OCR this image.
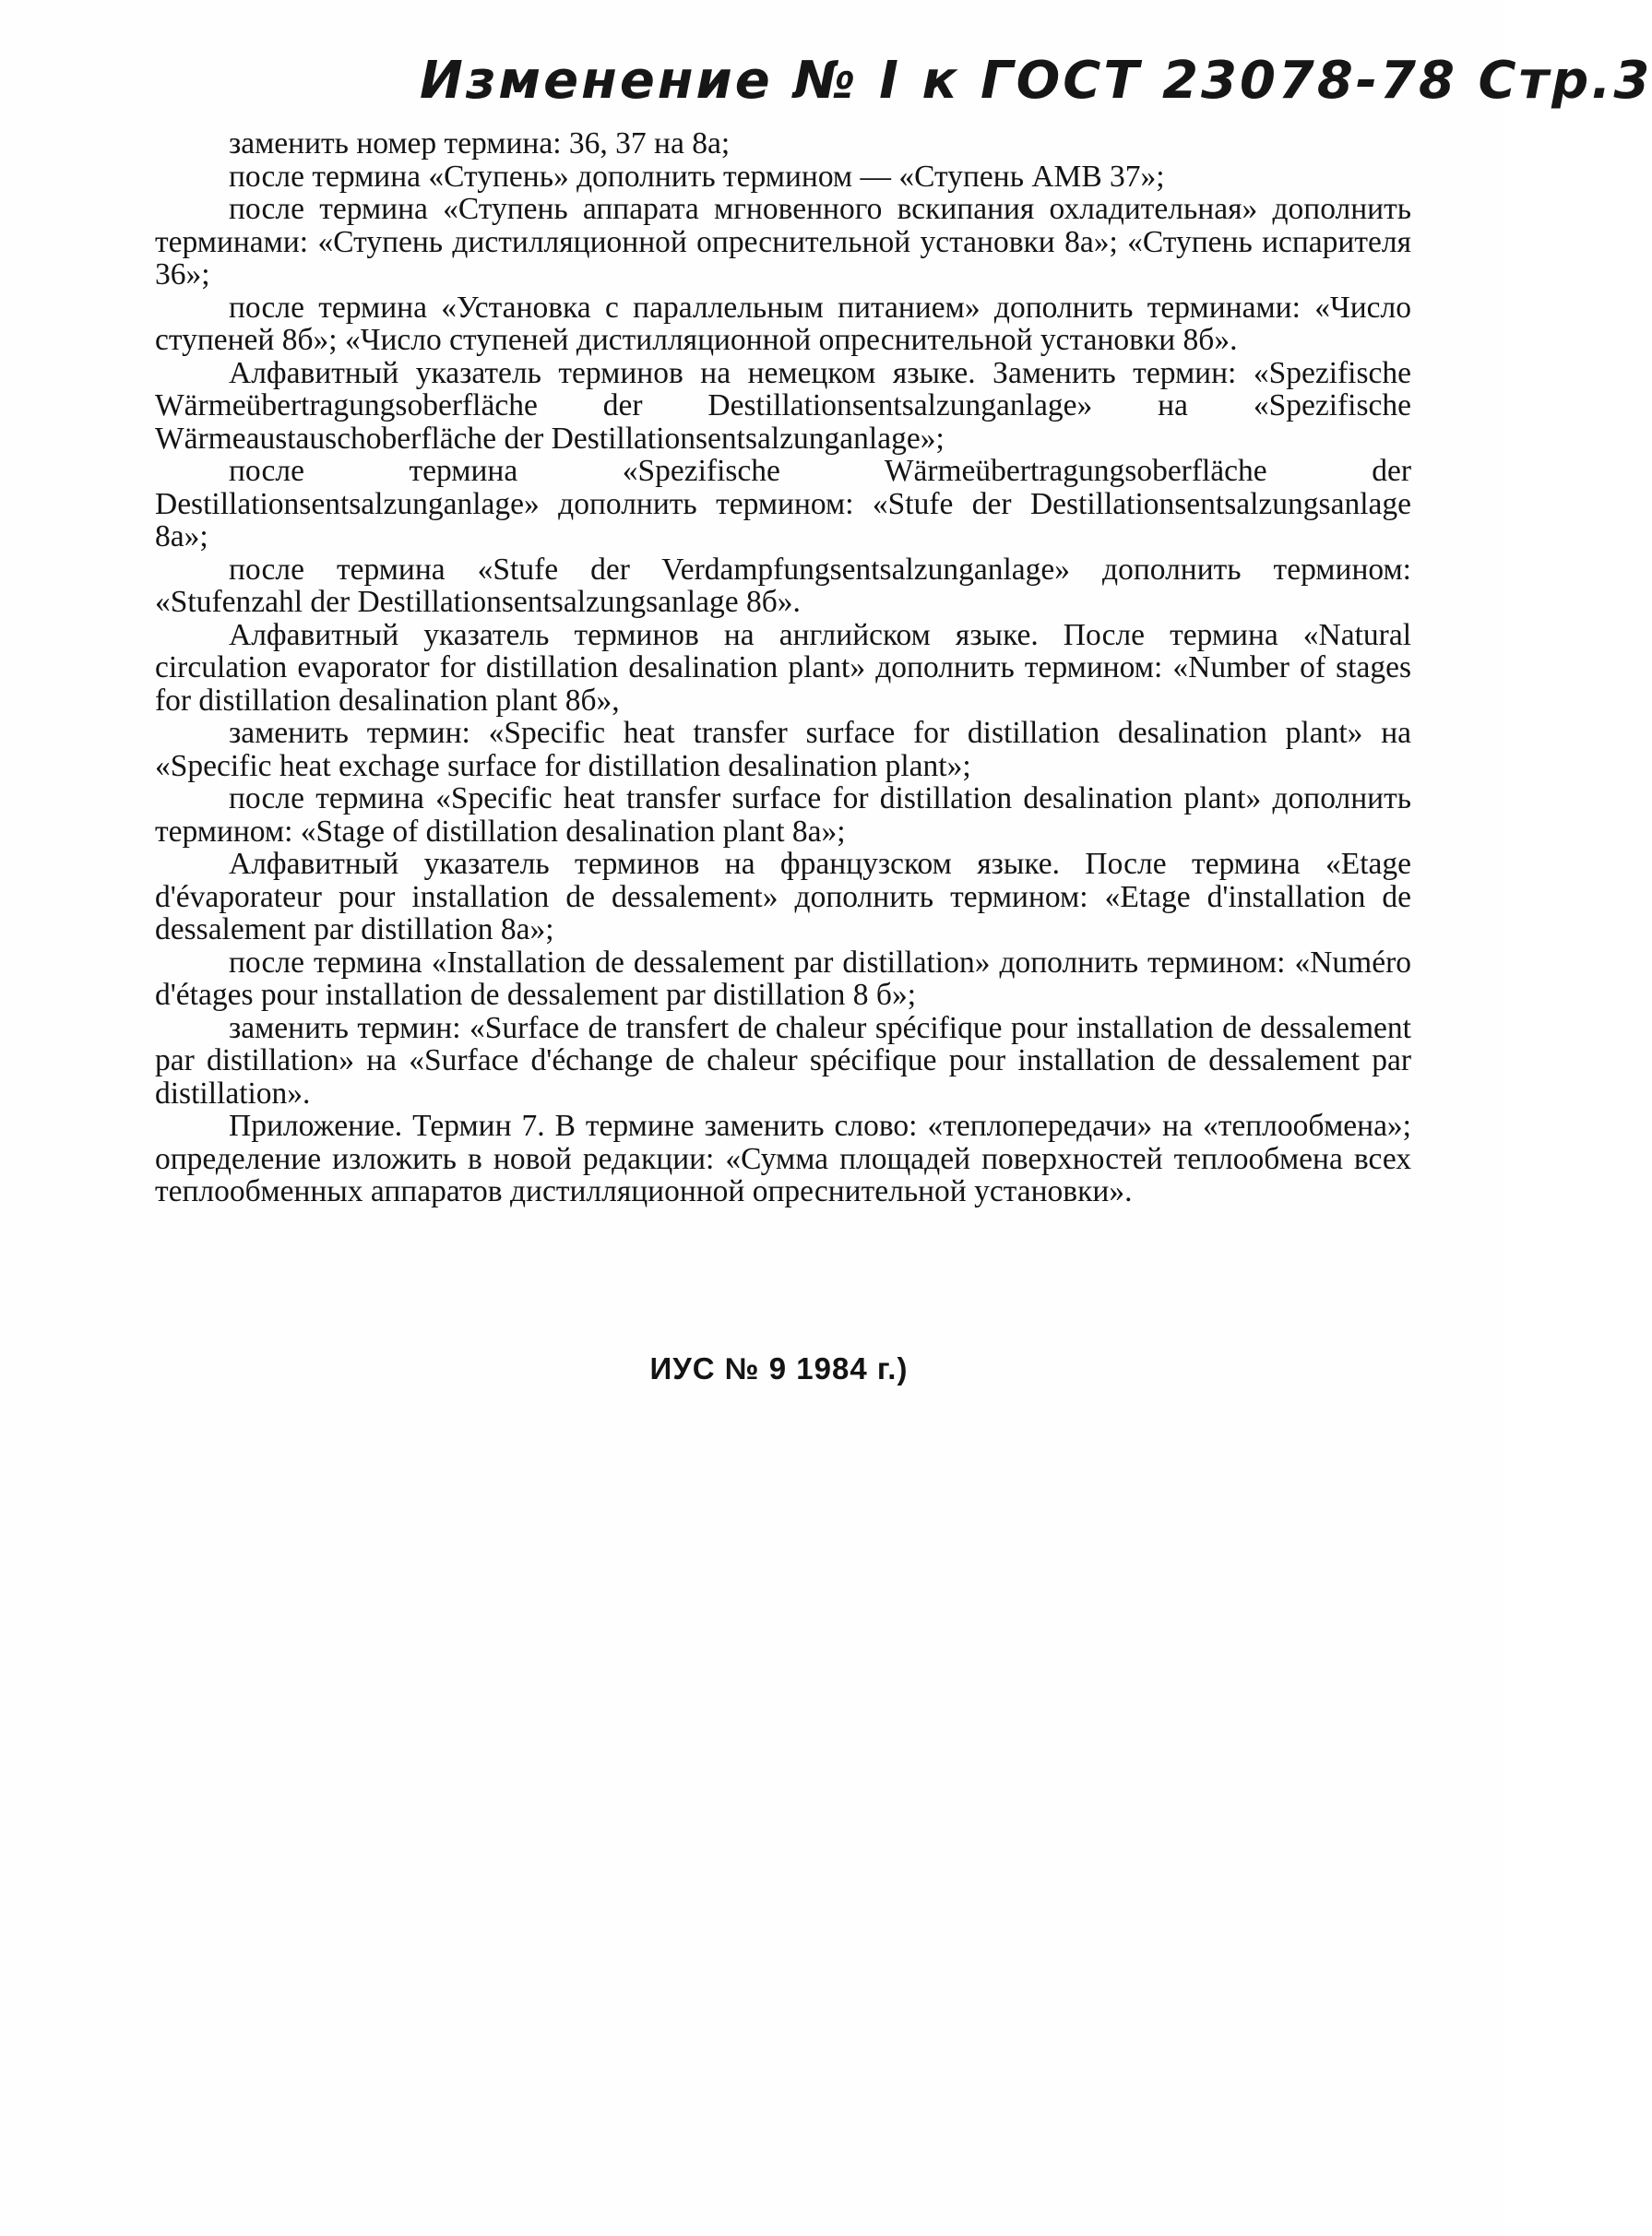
Изменение № I к ГОСТ 23078-78 Стр.3

заменить номер термина: 36, 37 на 8а;

после термина «Ступень» дополнить термином — «Ступень АМВ 37»;

после термина «Ступень аппарата мгновенного вскипания охладительная» дополнить терминами: «Ступень дистилляционной опреснительной установки 8а»; «Ступень испарителя 36»;

после термина «Установка с параллельным питанием» дополнить терминами: «Число ступеней 8б»; «Число ступеней дистилляционной опреснительной установки 8б».

Алфавитный указатель терминов на немецком языке. Заменить термин: «Spezifische Wärmeübertragungsoberfläche der Destillationsentsalzunganlage» на «Spezifische Wärmeaustauschoberfläche der Destillationsentsalzunganlage»;

после термина «Spezifische Wärmeübertragungsoberfläche der Destillationsentsalzunganlage» дополнить термином: «Stufe der Destillationsentsalzungsanlage 8a»;

после термина «Stufe der Verdampfungsentsalzunganlage» дополнить термином: «Stufenzahl der Destillationsentsalzungsanlage 8б».

Алфавитный указатель терминов на английском языке. После термина «Natural circulation evaporator for distillation desalination plant» дополнить термином: «Number of stages for distillation desalination plant 8б»,

заменить термин: «Specific heat transfer surface for distillation desalination plant» на «Specific heat exchage surface for distillation desalination plant»;

после термина «Specific heat transfer surface for distillation desalination plant» дополнить термином: «Stage of distillation desalination plant 8а»;

Алфавитный указатель терминов на французском языке. После термина «Etage d'évaporateur pour installation de dessalement» дополнить термином: «Etage d'installation de dessalement par distillation 8a»;

после термина «Installation de dessalement par distillation» дополнить термином: «Numéro d'étages pour installation de dessalement par distillation 8 б»;

заменить термин: «Surface de transfert de chaleur spécifique pour installation de dessalement par distillation» на «Surface d'échange de chaleur spécifique pour installation de dessalement par distillation».

Приложение. Термин 7. В термине заменить слово: «теплопередачи» на «теплообмена»; определение изложить в новой редакции: «Сумма площадей поверхностей теплообмена всех теплообменных аппаратов дистилляционной опреснительной установки».

ИУС № 9 1984 г.)
